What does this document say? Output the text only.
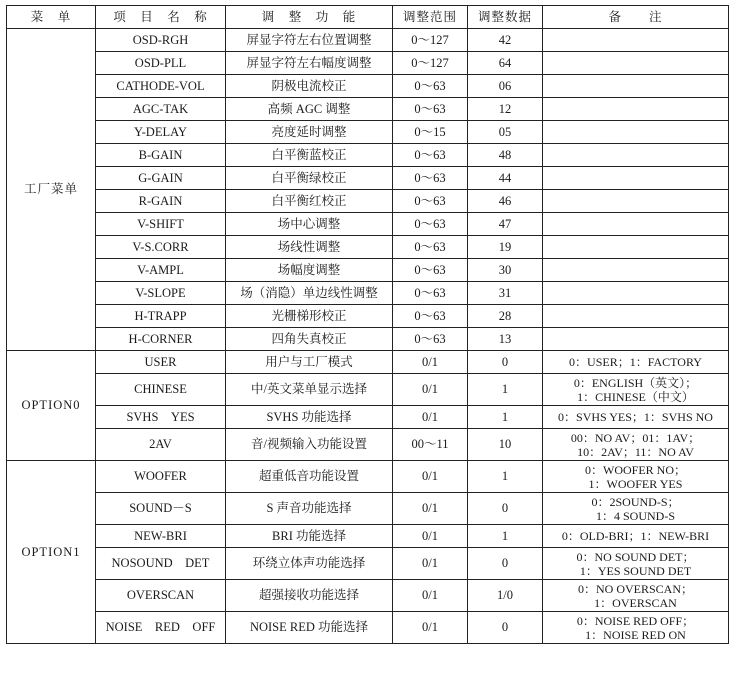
菜　单	项　目　名　称	调　整　功　能	调整范围	调整数据	备　　注
工厂菜单	OSD-RGH	屏显字符左右位置调整	0～127	42	
	OSD-PLL	屏显字符左右幅度调整	0～127	64	
	CATHODE-VOL	阴极电流校正	0～63	06	
	AGC-TAK	高频 AGC 调整	0～63	12	
	Y-DELAY	亮度延时调整	0～15	05	
	B-GAIN	白平衡蓝校正	0～63	48	
	G-GAIN	白平衡绿校正	0～63	44	
	R-GAIN	白平衡红校正	0～63	46	
	V-SHIFT	场中心调整	0～63	47	
	V-S.CORR	场线性调整	0～63	19	
	V-AMPL	场幅度调整	0～63	30	
	V-SLOPE	场（消隐）单边线性调整	0～63	31	
	H-TRAPP	光栅梯形校正	0～63	28	
	H-CORNER	四角失真校正	0～63	13	
OPTION0	USER	用户与工厂模式	0/1	0	0：USER；1：FACTORY
	CHINESE	中/英文菜单显示选择	0/1	1	0：ENGLISH（英文）；
1：CHINESE（中文）
	SVHS　YES	SVHS 功能选择	0/1	1	0：SVHS YES；1：SVHS NO
	2AV	音/视频输入功能设置	00～11	10	00：NO AV；01：1AV；
10：2AV；11：NO AV
OPTION1	WOOFER	超重低音功能设置	0/1	1	0：WOOFER NO；
1：WOOFER YES
	SOUND－S	S 声音功能选择	0/1	0	0：2SOUND-S；
1：4 SOUND-S
	NEW-BRI	BRI 功能选择	0/1	1	0：OLD-BRI；1：NEW-BRI
	NOSOUND　DET	环绕立体声功能选择	0/1	0	0：NO SOUND DET；
1：YES SOUND DET
	OVERSCAN	超强接收功能选择	0/1	1/0	0：NO OVERSCAN；
1：OVERSCAN
	NOISE　RED　OFF	NOISE RED 功能选择	0/1	0	0：NOISE RED OFF；
1：NOISE RED ON
